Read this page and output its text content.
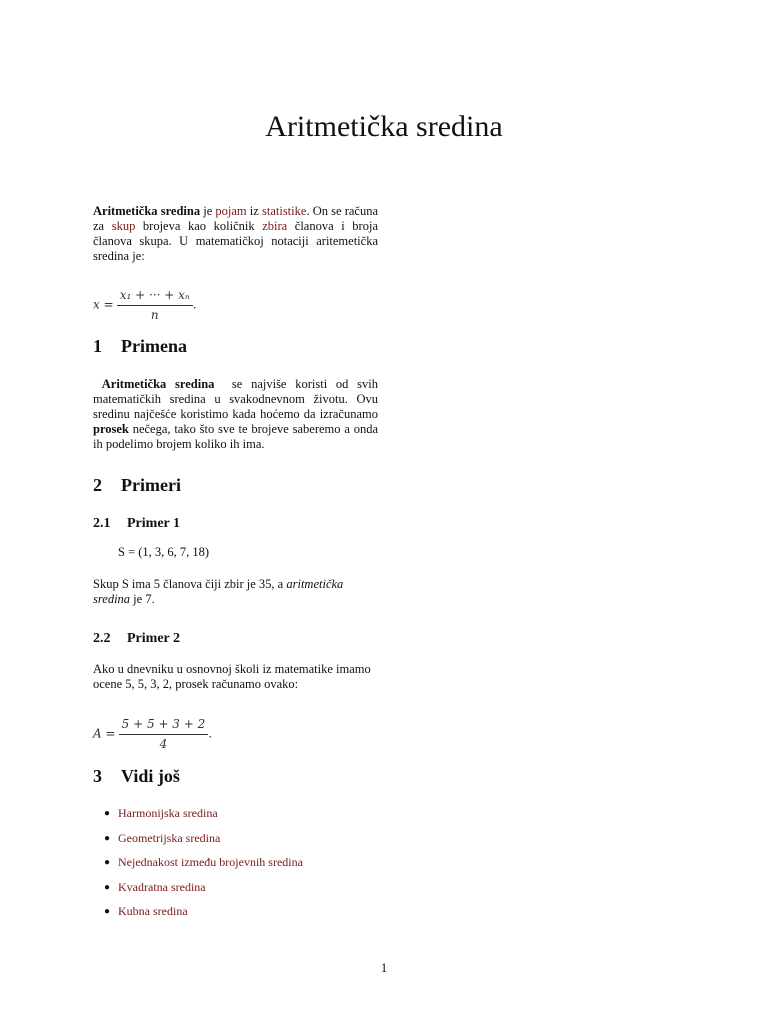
Aritmetička sredina

Aritmetička sredina je pojam iz statistike. On se računa za skup brojeva kao količnik zbira članova i broja članova skupa. U matematičkoj notaciji aritemetička sredina je:

$x = \frac{\text{x₁ + ··· + xₙ}}{n}$ .
1 Primena

Aritmetička sredina  se najviše koristi od svih matematičkih sredina u svakodnevnom životu. Ovu sredinu najčešće koristimo kada hoćemo da izračunamo prosek nečega, tako što sve te brojeve saberemo a onda ih podelimo brojem koliko ih ima.

2 Primeri
2.1 Primer 1
S = (1, 3, 6, 7, 18)

Skup S ima 5 članova čiji zbir je 35, a aritmetička sredina je 7.

2.2 Primer 2

Ako u dnevniku u osnovnoj školi iz matematike imamo ocene 5, 5, 3, 2, prosek računamo ovako:

$A = \frac{5 + 5 + 3 + 2}{4}$ .
3 Vidi još
● Harmonijska sredina
● Geometrijska sredina
● Nejednakost između brojevnih sredina
● Kvadratna sredina
● Kubna sredina
1
